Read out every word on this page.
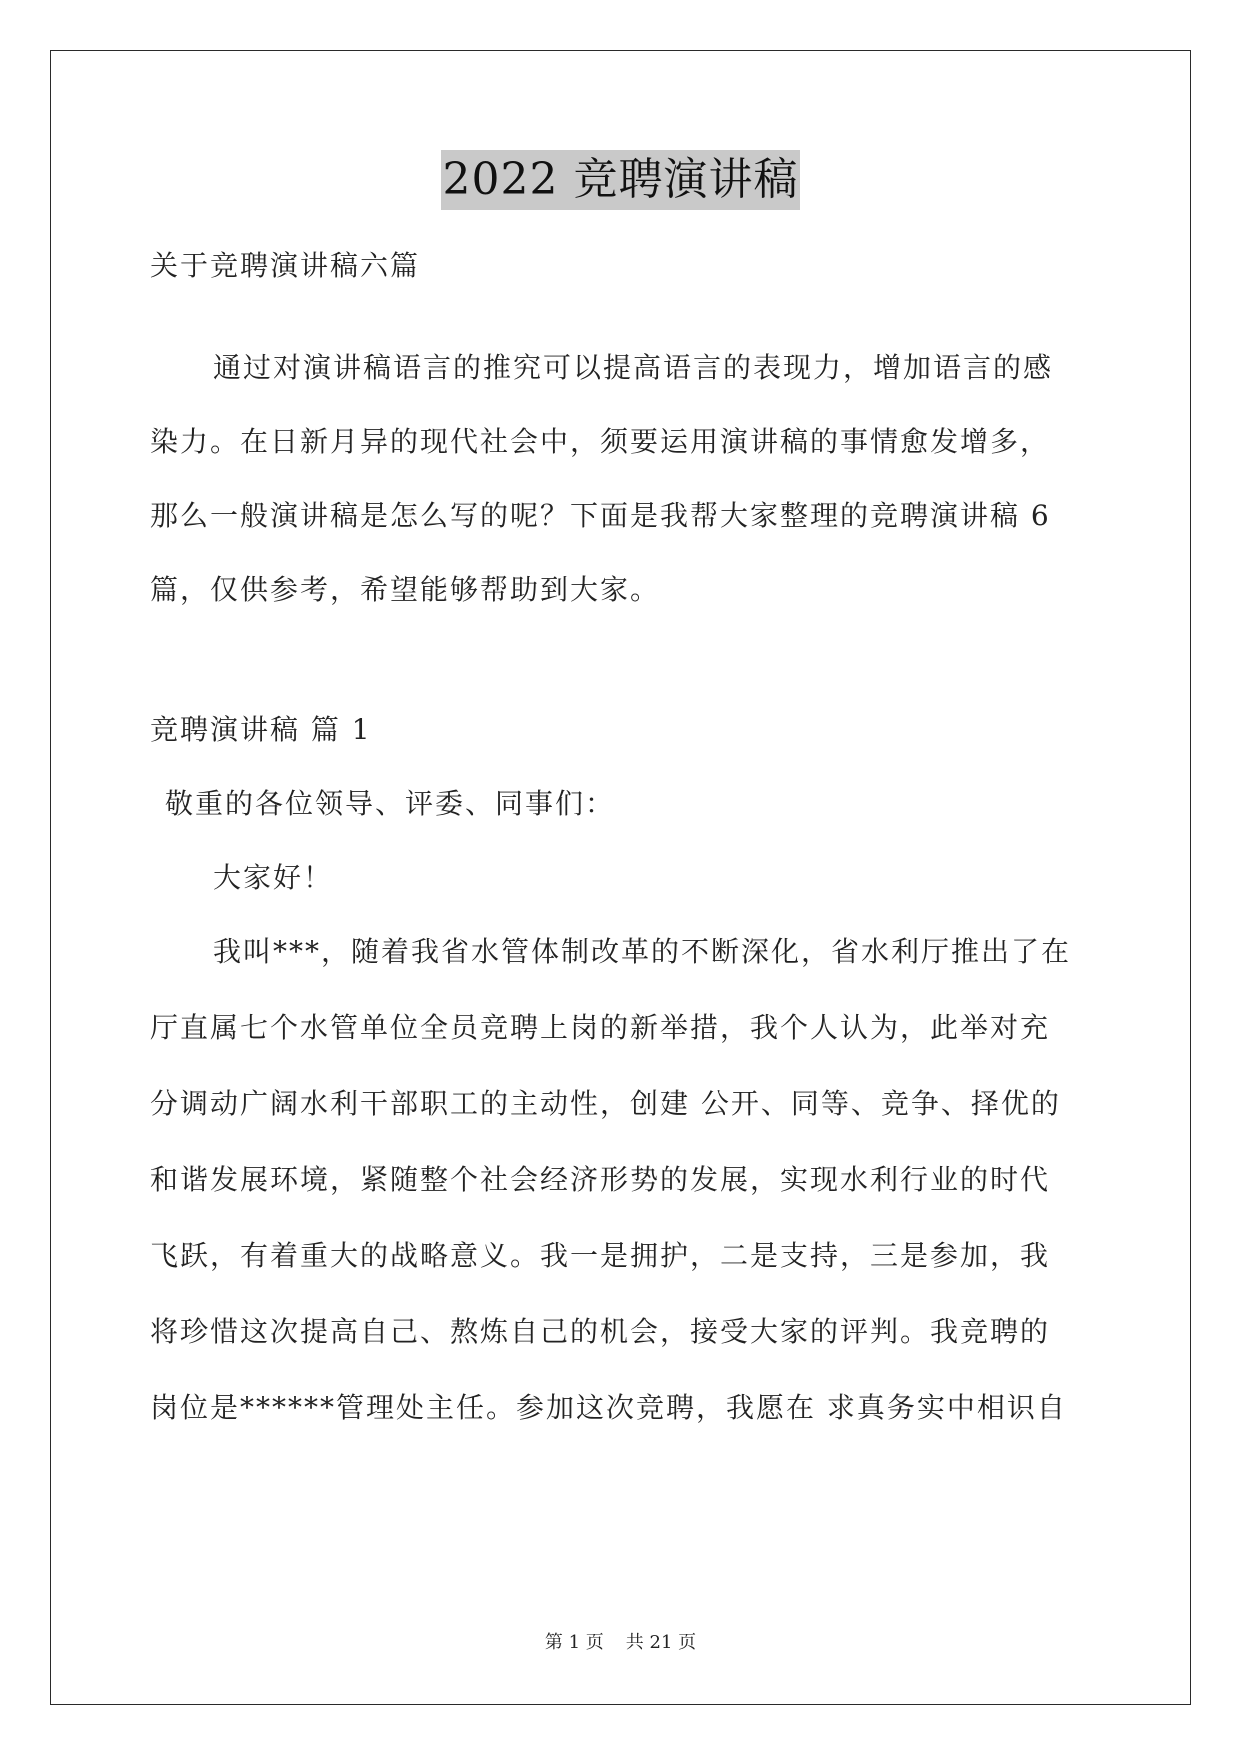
2022 竞聘演讲稿
关于竞聘演讲稿六篇
通过对演讲稿语言的推究可以提高语言的表现力，增加语言的感
染力。在日新月异的现代社会中，须要运用演讲稿的事情愈发增多，
那么一般演讲稿是怎么写的呢？下面是我帮大家整理的竞聘演讲稿 6
篇，仅供参考，希望能够帮助到大家。
竞聘演讲稿 篇 1
敬重的各位领导、评委、同事们：
大家好！
我叫***，随着我省水管体制改革的不断深化，省水利厅推出了在
厅直属七个水管单位全员竞聘上岗的新举措，我个人认为，此举对充
分调动广阔水利干部职工的主动性，创建 公开、同等、竞争、择优的
和谐发展环境，紧随整个社会经济形势的发展，实现水利行业的时代
飞跃，有着重大的战略意义。我一是拥护，二是支持，三是参加，我
将珍惜这次提高自己、熬炼自己的机会，接受大家的评判。我竞聘的
岗位是******管理处主任。参加这次竞聘，我愿在 求真务实中相识自
第 1 页 共 21 页
